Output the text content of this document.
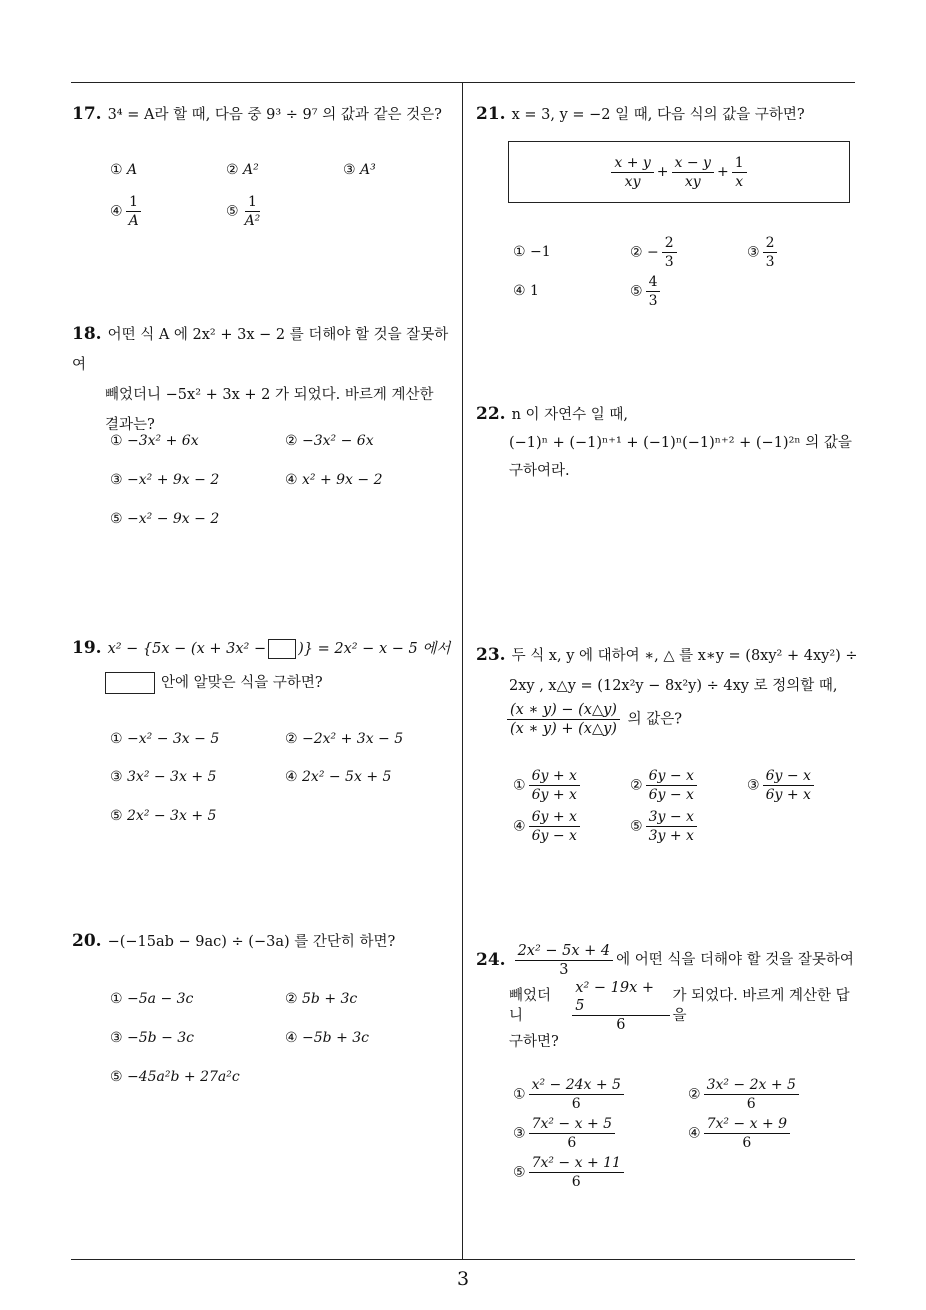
3
17. 3⁴ = A라 할 때, 다음 중 9³ ÷ 9⁷ 의 값과 같은 것은?
① A	② A²	③ A³
④ $\frac{1}{A}$	⑤ $\frac{1}{\text{A²}}$
18. 어떤 식 A 에 2x² + 3x − 2 를 더해야 할 것을 잘못하여
빼었더니 −5x² + 3x + 2 가 되었다. 바르게 계산한
결과는?
① −3x² + 6x	② −3x² − 6x
③ −x² + 9x − 2	④ x² + 9x − 2
⑤ −x² − 9x − 2
19. x² − {5x − (x + 3x² − )} = 2x² − x − 5 에서
안에 알맞은 식을 구하면?
① −x² − 3x − 5	② −2x² + 3x − 5
③ 3x² − 3x + 5	④ 2x² − 5x + 5
⑤ 2x² − 3x + 5
20. −(−15ab − 9ac) ÷ (−3a) 를 간단히 하면?
① −5a − 3c	② 5b + 3c
③ −5b − 3c	④ −5b + 3c
⑤ −45a²b + 27a²c
21. x = 3, y = −2 일 때, 다음 식의 값을 구하면?
$\frac{x + y}{xy} + \frac{x - y}{xy} + \frac{1}{x}$
① −1	② − $\frac{2}{3}$	③ $\frac{2}{3}$
④ 1	⑤ $\frac{4}{3}$
22. n 이 자연수 일 때,
(−1)ⁿ + (−1)ⁿ⁺¹ + (−1)ⁿ(−1)ⁿ⁺² + (−1)²ⁿ 의 값을
구하여라.
23. 두 식 x, y 에 대하여 ∗, △ 를 x∗y = (8xy² + 4xy²) ÷
2xy , x△y = (12x²y − 8x²y) ÷ 4xy 로 정의할 때,
$\frac{(x ∗ y) - (x\triangle y)}{(x ∗ y) + (x\triangle y)}$ 의 값은?
① $\frac{6y + x}{6y + x}$	② $\frac{6y - x}{6y - x}$	③ $\frac{6y - x}{6y + x}$
④ $\frac{6y + x}{6y - x}$	⑤ $\frac{3y - x}{3y + x}$
24. $\frac{\text{2x² − 5x + 4}}{3}$ 에 어떤 식을 더해야 할 것을 잘못하여
빼었더니	$\frac{\text{x² − 19x + 5}}{6}$ 가 되었다. 바르게 계산한 답을
구하면?
① $\frac{\text{x² − 24x + 5}}{6}$	② $\frac{\text{3x² − 2x + 5}}{6}$
③ $\frac{\text{7x² − x + 5}}{6}$	④ $\frac{\text{7x² − x + 9}}{6}$
⑤ $\frac{\text{7x² − x + 11}}{6}$
